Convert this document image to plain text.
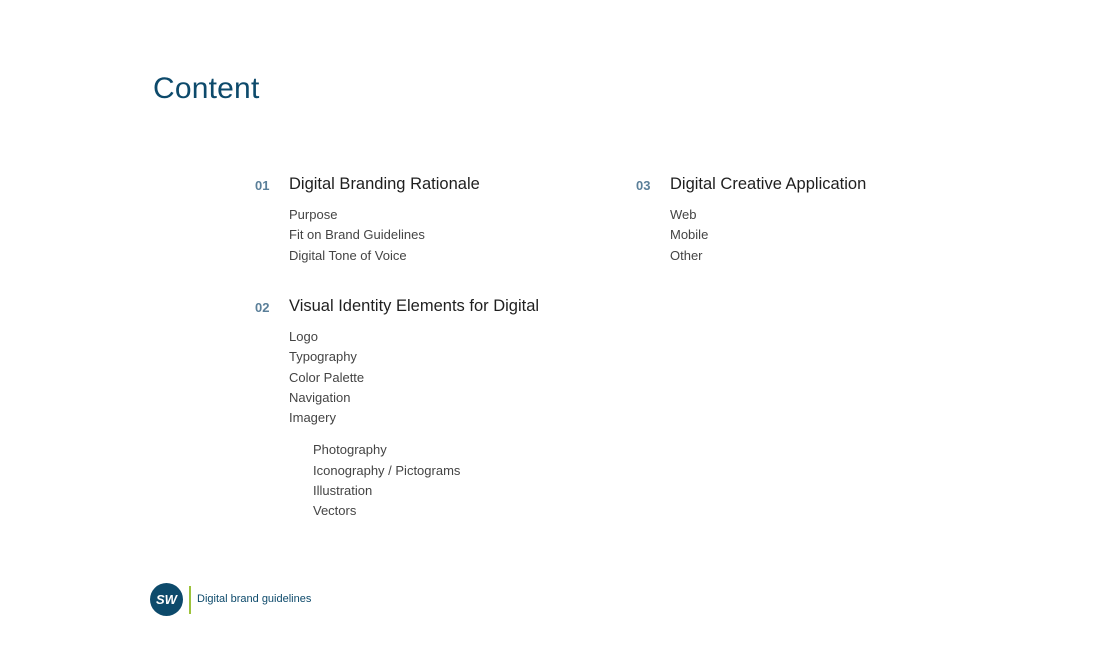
Content
01 Digital Branding Rationale
Purpose
Fit on Brand Guidelines
Digital Tone of Voice
02 Visual Identity Elements for Digital
Logo
Typography
Color Palette
Navigation
Imagery
Photography
Iconography / Pictograms
Illustration
Vectors
03 Digital Creative Application
Web
Mobile
Other
SW	Digital brand guidelines
